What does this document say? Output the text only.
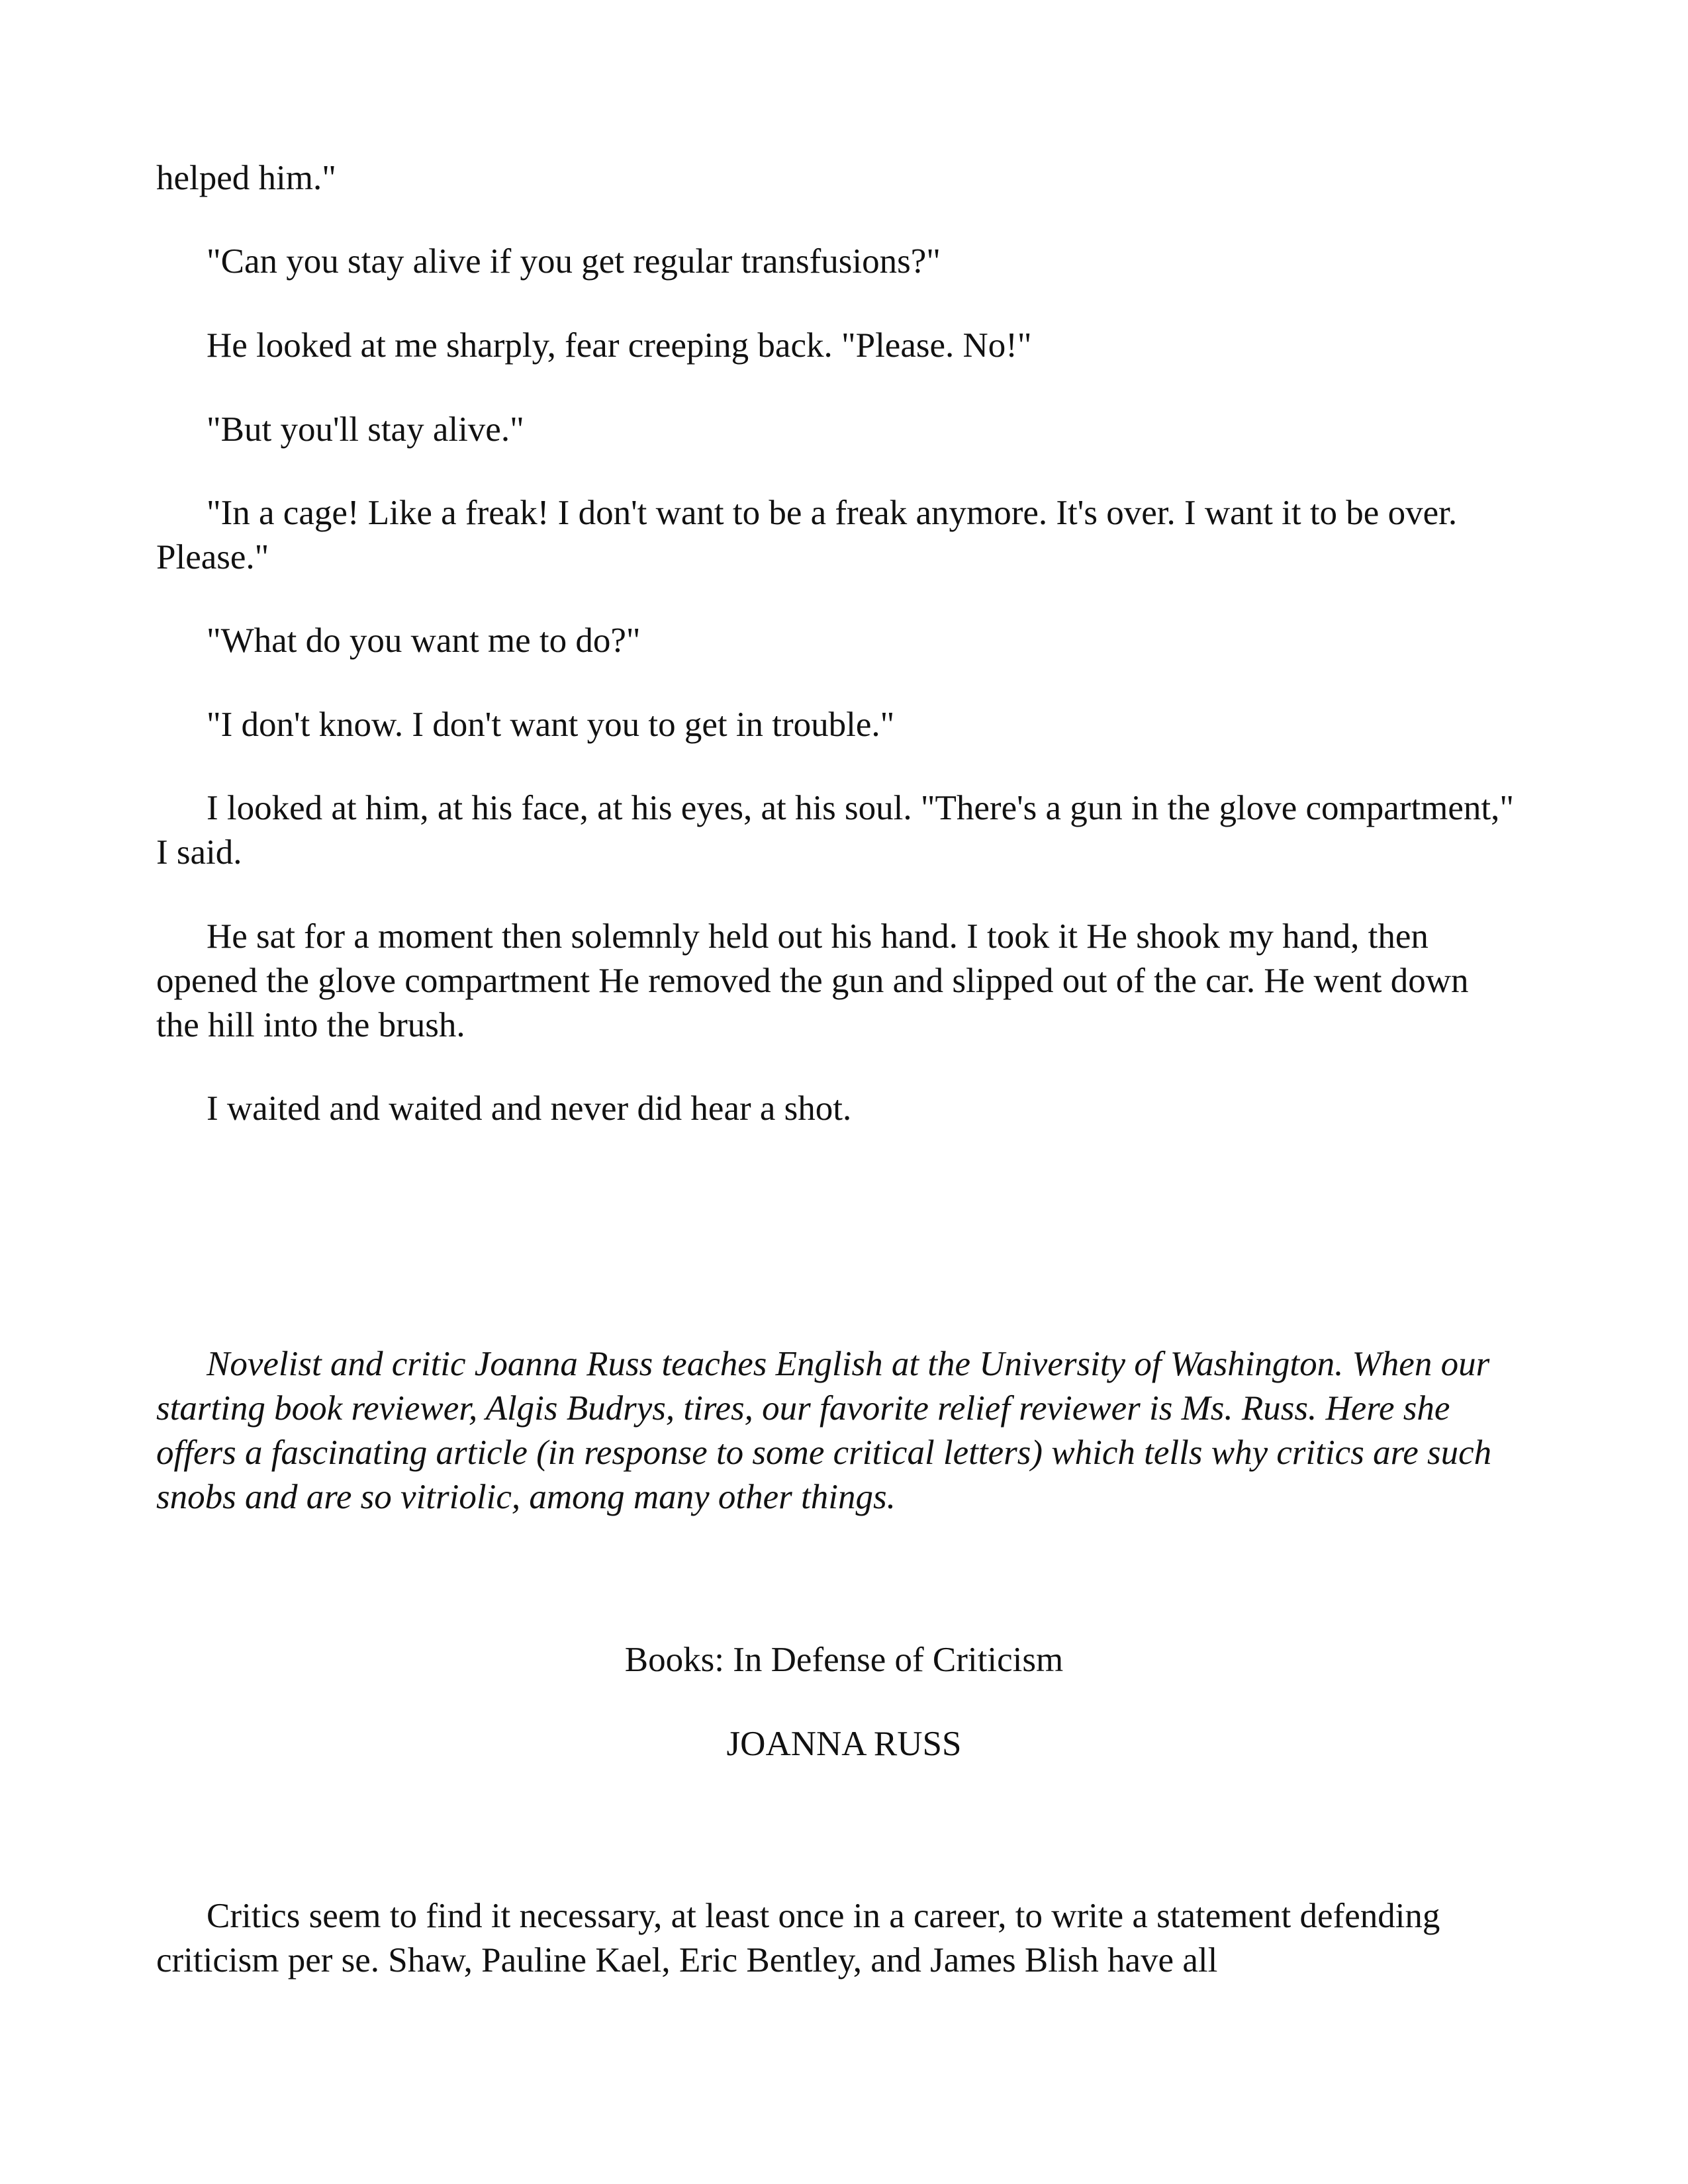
helped him."

"Can you stay alive if you get regular transfusions?"

He looked at me sharply, fear creeping back. "Please. No!"

"But you'll stay alive."

"In a cage! Like a freak! I don't want to be a freak anymore. It's over. I want it to be over. Please."

"What do you want me to do?"

"I don't know. I don't want you to get in trouble."

I looked at him, at his face, at his eyes, at his soul. "There's a gun in the glove compartment," I said.

He sat for a moment then solemnly held out his hand. I took it He shook my hand, then opened the glove compartment He removed the gun and slipped out of the car. He went down the hill into the brush.

I waited and waited and never did hear a shot.

Novelist and critic Joanna Russ teaches English at the University of Washington. When our starting book reviewer, Algis Budrys, tires, our favorite relief reviewer is Ms. Russ. Here she offers a fascinating article (in response to some critical letters) which tells why critics are such snobs and are so vitriolic, among many other things.

Books: In Defense of Criticism

JOANNA RUSS

Critics seem to find it necessary, at least once in a career, to write a statement defending criticism per se. Shaw, Pauline Kael, Eric Bentley, and James Blish have all
